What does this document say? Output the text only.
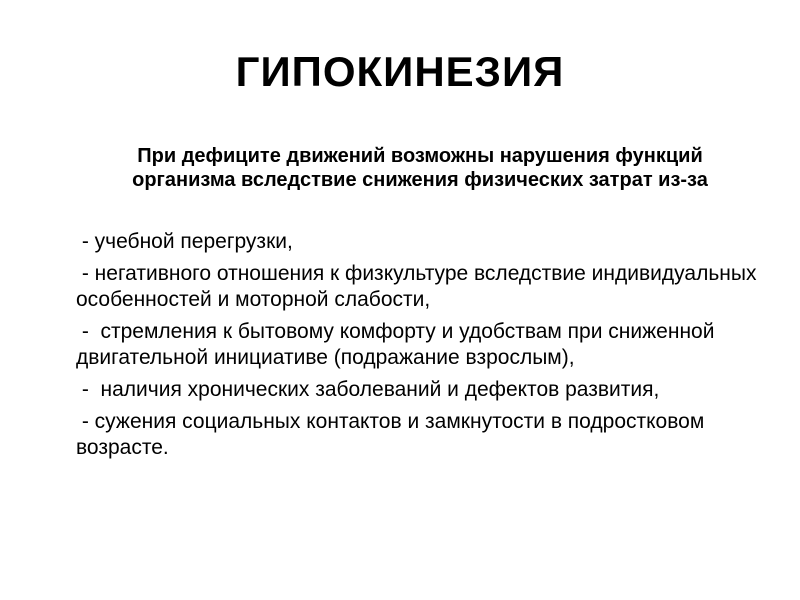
ГИПОКИНЕЗИЯ
При дефиците движений возможны нарушения функций организма вследствие снижения физических затрат из-за
- учебной перегрузки,
- негативного отношения к физкультуре вследствие индивидуальных особенностей и моторной слабости,
-  стремления к бытовому комфорту и удобствам при сниженной двигательной инициативе (подражание взрослым),
-  наличия хронических заболеваний и дефектов развития,
- сужения социальных контактов и замкнутости в подростковом возрасте.
